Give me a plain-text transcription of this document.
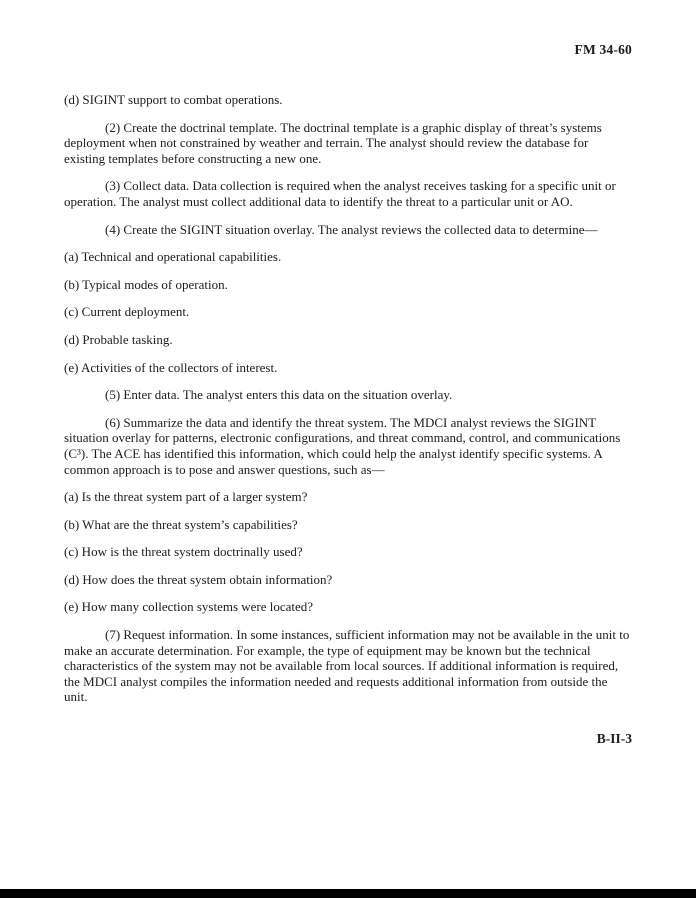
FM 34-60

(d) SIGINT support to combat operations.

(2) Create the doctrinal template. The doctrinal template is a graphic display of threat’s systems deployment when not constrained by weather and terrain. The analyst should review the database for existing templates before constructing a new one.

(3) Collect data. Data collection is required when the analyst receives tasking for a specific unit or operation. The analyst must collect additional data to identify the threat to a particular unit or AO.

(4) Create the SIGINT situation overlay. The analyst reviews the collected data to determine—

(a) Technical and operational capabilities.

(b) Typical modes of operation.

(c) Current deployment.

(d) Probable tasking.

(e) Activities of the collectors of interest.

(5) Enter data. The analyst enters this data on the situation overlay.

(6) Summarize the data and identify the threat system. The MDCI analyst reviews the SIGINT situation overlay for patterns, electronic configurations, and threat command, control, and communications (C³). The ACE has identified this information, which could help the analyst identify specific systems. A common approach is to pose and answer questions, such as—

(a) Is the threat system part of a larger system?

(b) What are the threat system’s capabilities?

(c) How is the threat system doctrinally used?

(d) How does the threat system obtain information?

(e) How many collection systems were located?

(7) Request information. In some instances, sufficient information may not be available in the unit to make an accurate determination. For example, the type of equipment may be known but the technical characteristics of the system may not be available from local sources. If additional information is required, the MDCI analyst compiles the information needed and requests additional information from outside the unit.

B-II-3
